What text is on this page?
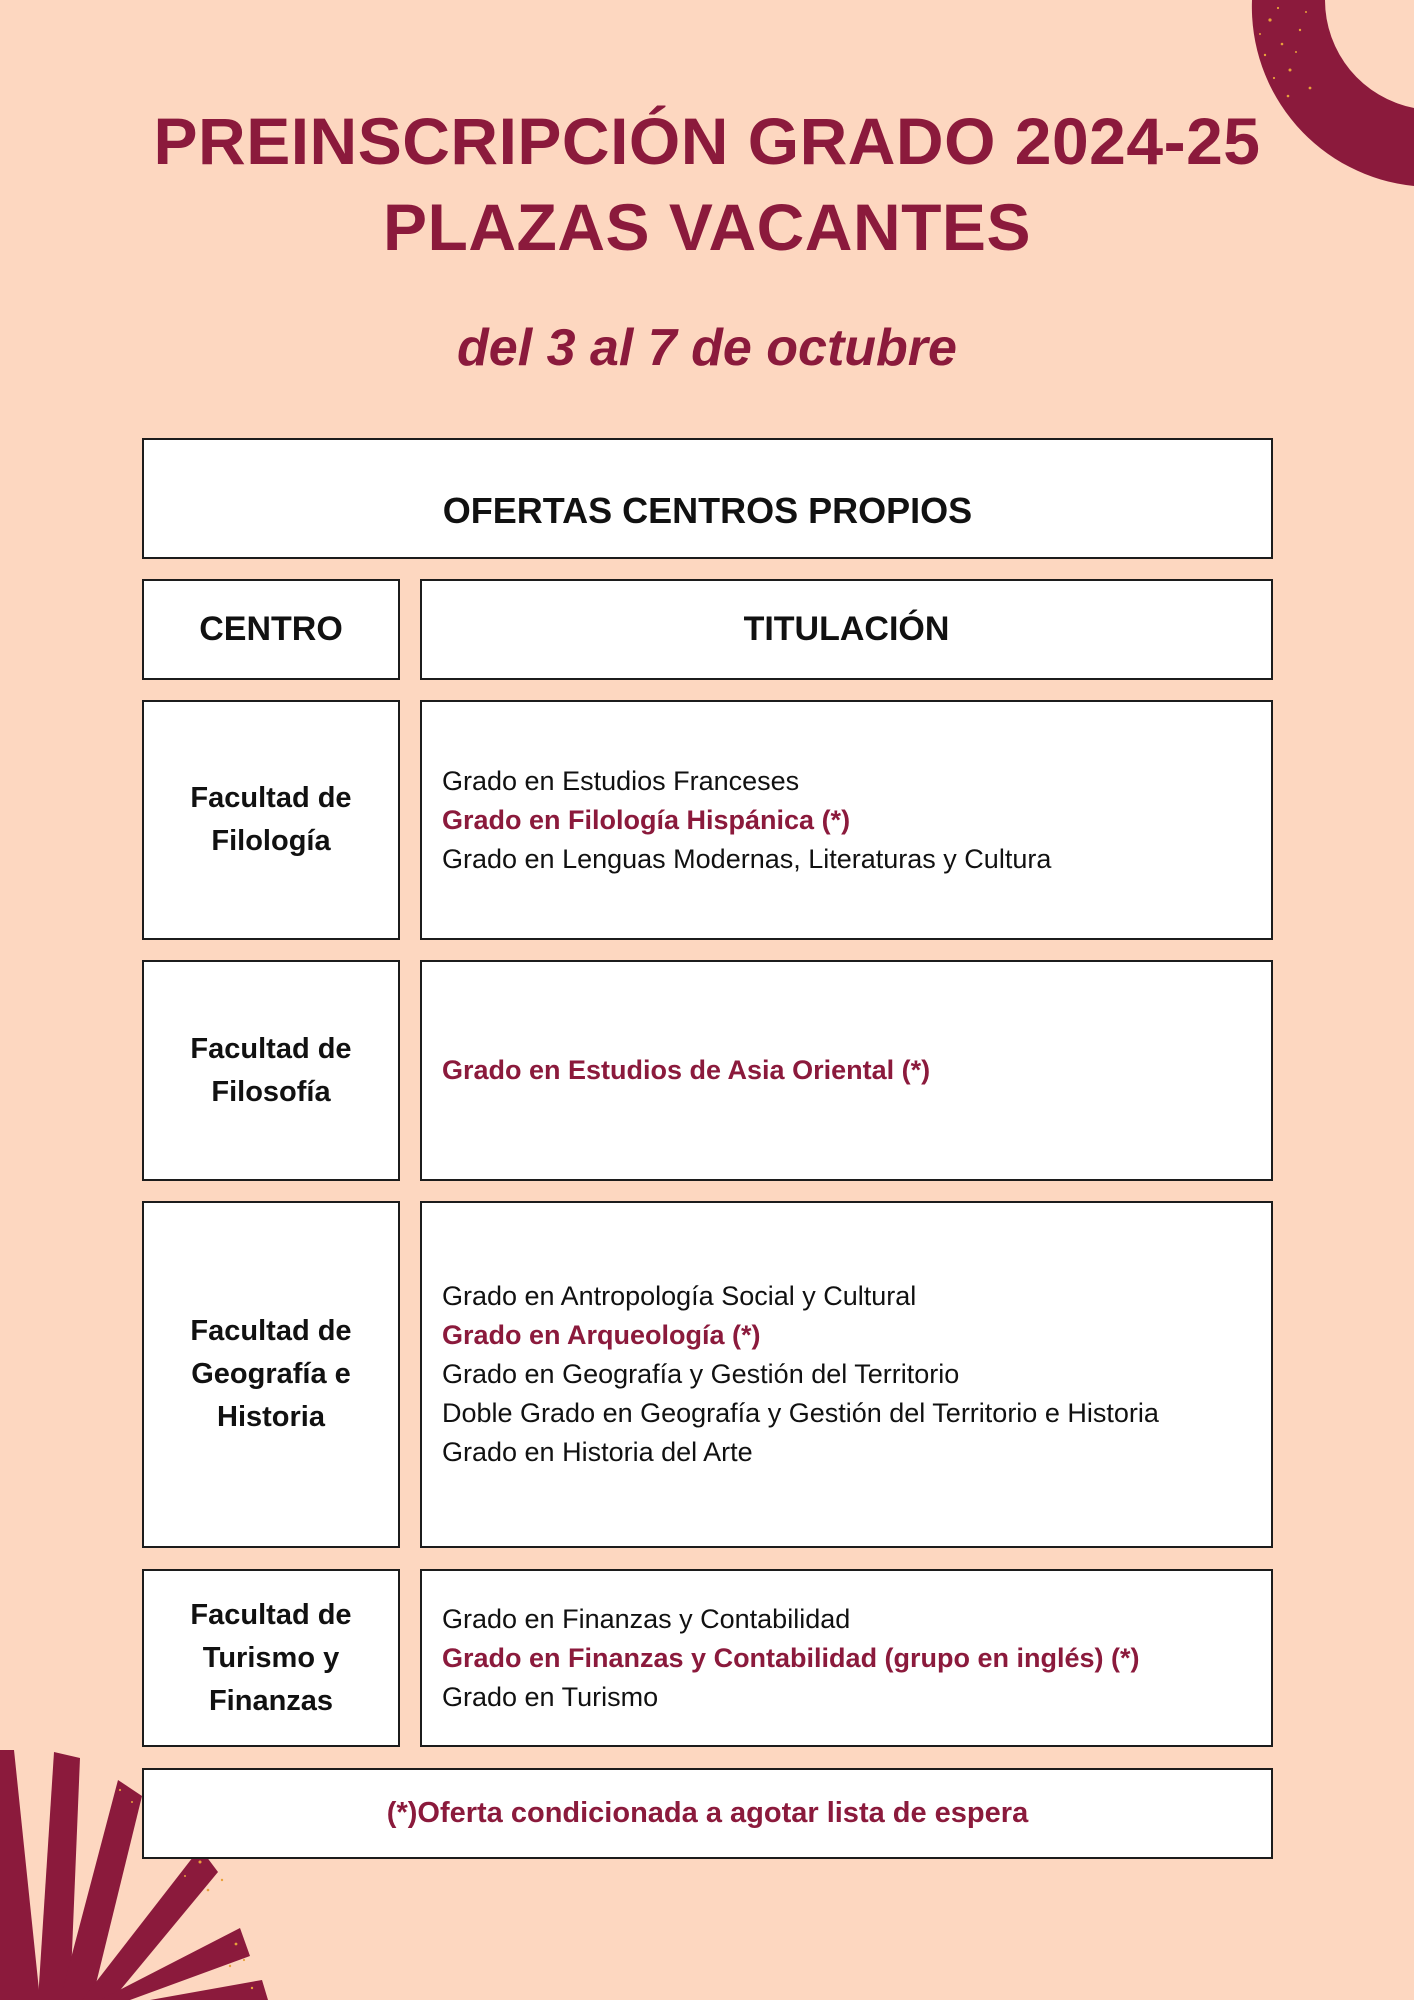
PREINSCRIPCIÓN GRADO 2024-25
PLAZAS VACANTES
del 3 al 7 de octubre
OFERTAS CENTROS PROPIOS
CENTRO	TITULACIÓN
Facultad de Filología
Grado en Estudios Franceses
Grado en Filología Hispánica (*)
Grado en Lenguas Modernas, Literaturas y Cultura
Facultad de Filosofía
Grado en Estudios de Asia Oriental (*)
Facultad de Geografía e Historia
Grado en Antropología Social y Cultural
Grado en Arqueología (*)
Grado en Geografía y Gestión del Territorio
Doble Grado en Geografía y Gestión del Territorio e Historia
Grado en Historia del Arte
Facultad de Turismo y Finanzas
Grado en Finanzas y Contabilidad
Grado en Finanzas y Contabilidad (grupo en inglés) (*)
Grado en Turismo
(*)Oferta condicionada a agotar lista de espera
